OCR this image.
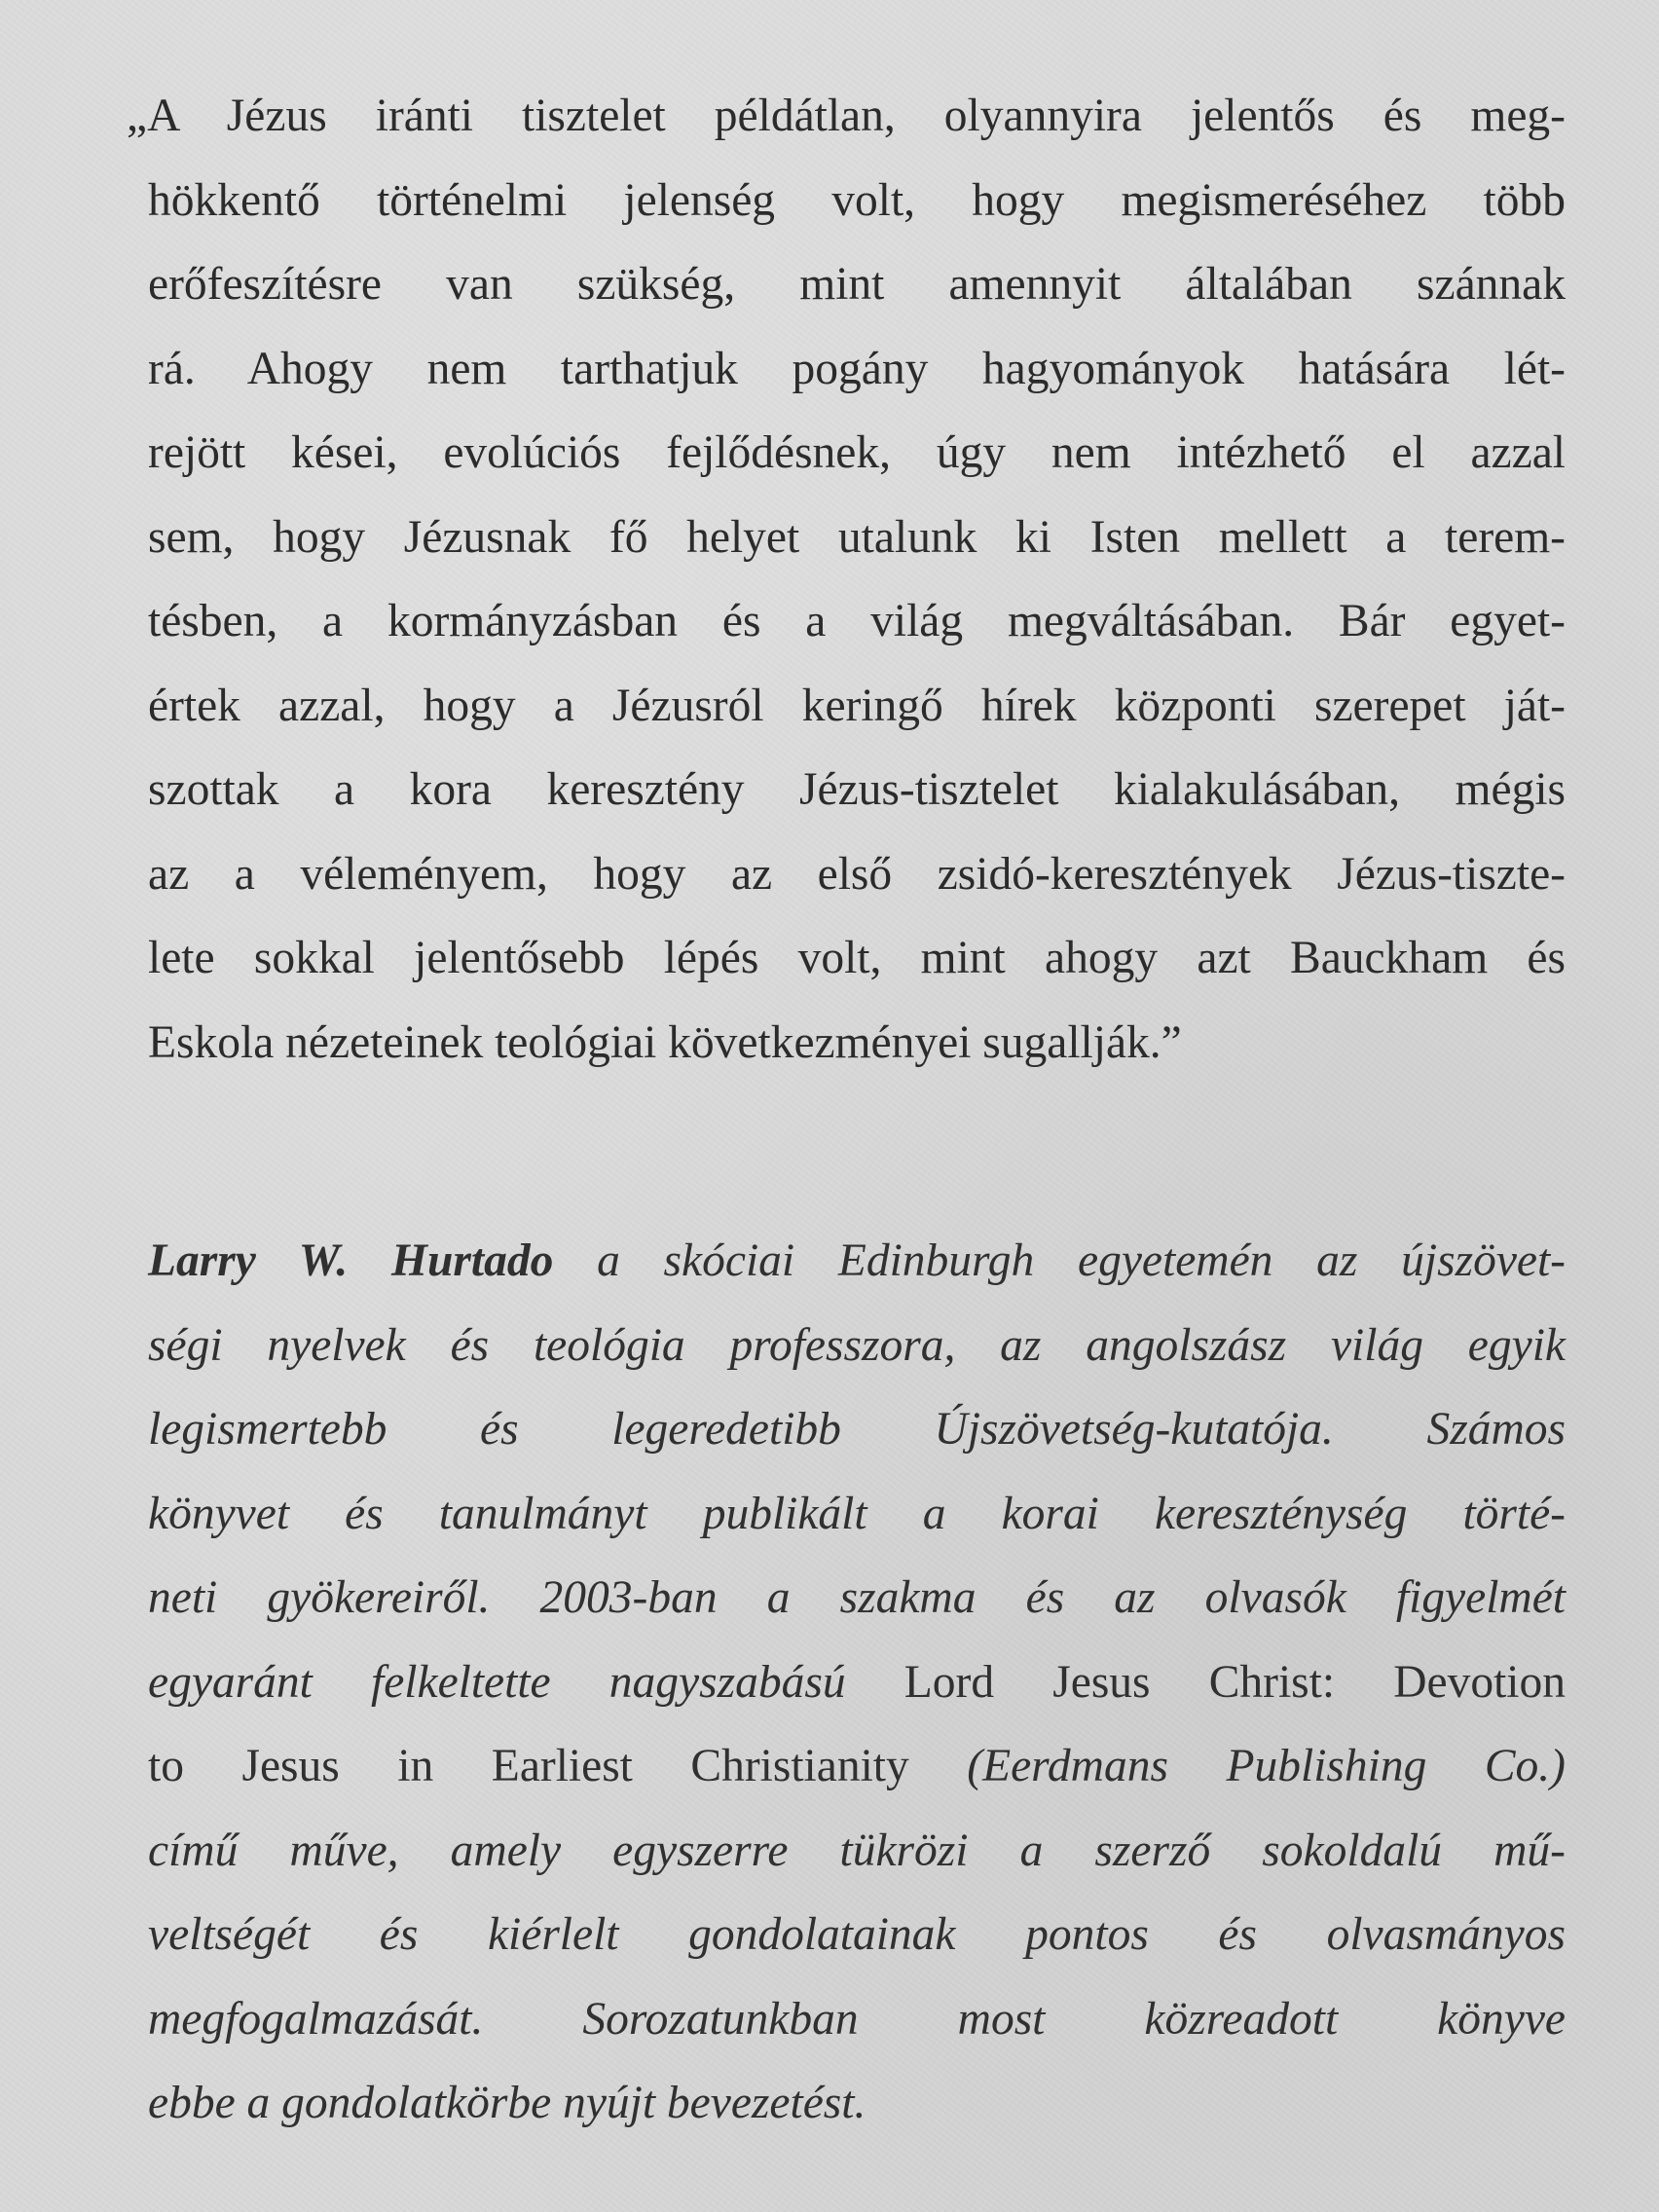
„A Jézus iránti tisztelet példátlan, olyannyira jelentős és meg-
hökkentő történelmi jelenség volt, hogy megismeréséhez több
erőfeszítésre van szükség, mint amennyit általában szánnak
rá. Ahogy nem tarthatjuk pogány hagyományok hatására lét-
rejött kései, evolúciós fejlődésnek, úgy nem intézhető el azzal
sem, hogy Jézusnak fő helyet utalunk ki Isten mellett a terem-
tésben, a kormányzásban és a világ megváltásában. Bár egyet-
értek azzal, hogy a Jézusról keringő hírek központi szerepet ját-
szottak a kora keresztény Jézus-tisztelet kialakulásában, mégis
az a véleményem, hogy az első zsidó-keresztények Jézus-tiszte-
lete sokkal jelentősebb lépés volt, mint ahogy azt Bauckham és
Eskola nézeteinek teológiai következményei sugallják.”

Larry W. Hurtado a skóciai Edinburgh egyetemén az újszövet-
ségi nyelvek és teológia professzora, az angolszász világ egyik
legismertebb és legeredetibb Újszövetség-kutatója. Számos
könyvet és tanulmányt publikált a korai kereszténység törté-
neti gyökereiről. 2003-ban a szakma és az olvasók figyelmét
egyaránt felkeltette nagyszabású Lord Jesus Christ: Devotion
to Jesus in Earliest Christianity (Eerdmans Publishing Co.)
című műve, amely egyszerre tükrözi a szerző sokoldalú mű-
veltségét és kiérlelt gondolatainak pontos és olvasmányos
megfogalmazását. Sorozatunkban most közreadott könyve
ebbe a gondolatkörbe nyújt bevezetést.
